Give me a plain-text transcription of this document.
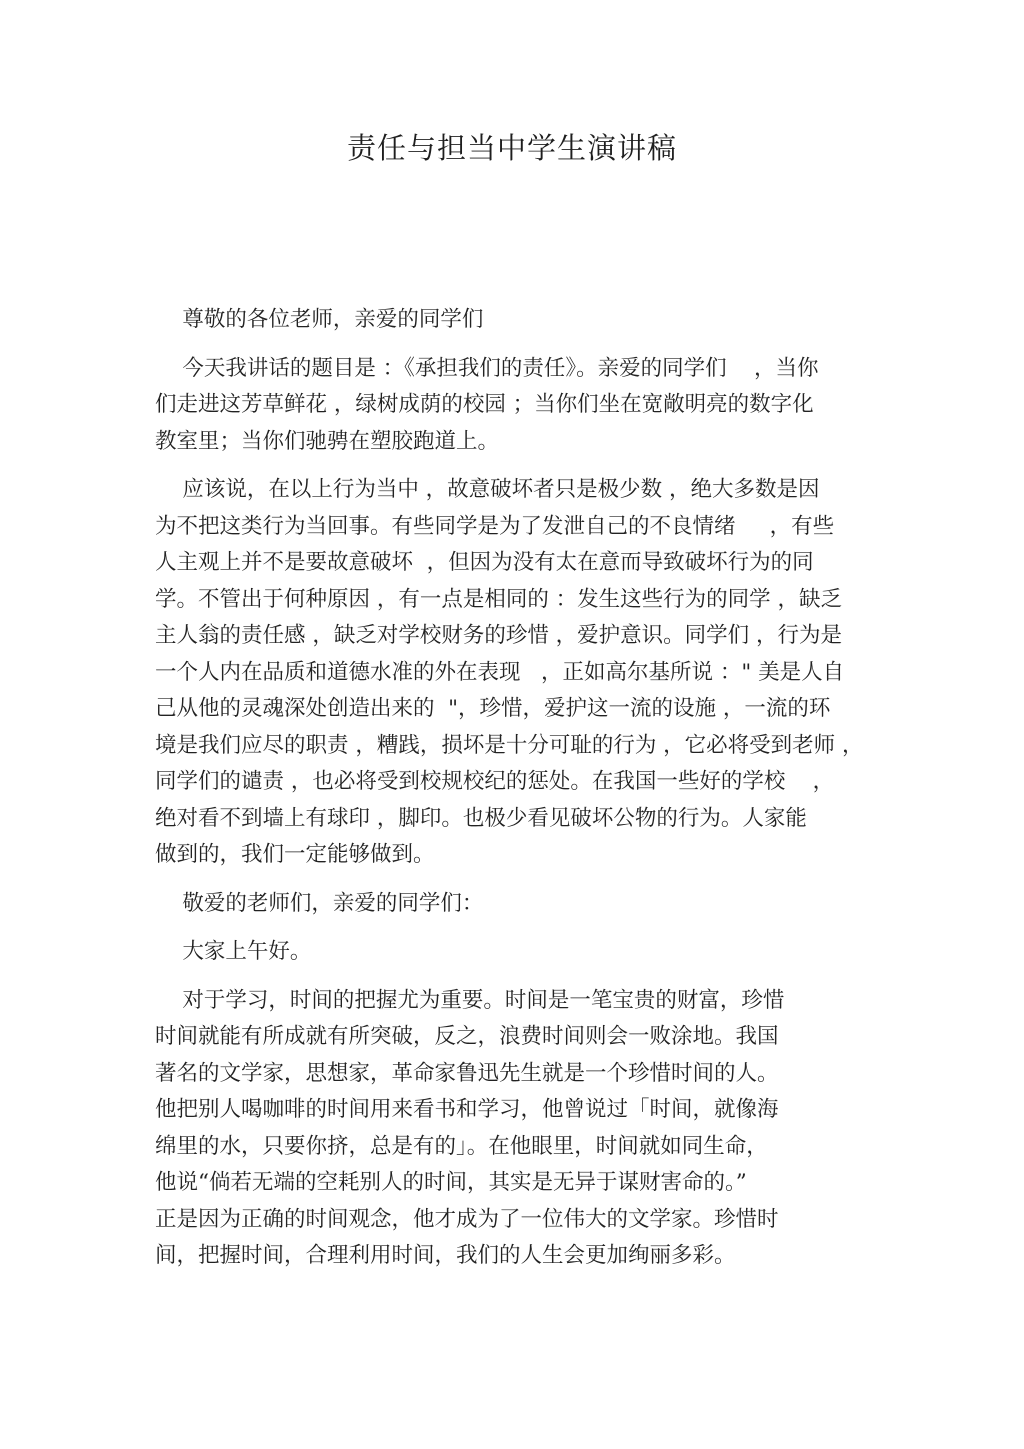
责任与担当中学生演讲稿
尊敬的各位老师，亲爱的同学们
今天我讲话的题目是 ：《承担我们的责任》。亲爱的同学们    ，当你
们走进这芳草鲜花 ，绿树成荫的校园 ；当你们坐在宽敞明亮的数字化
教室里；当你们驰骋在塑胶跑道上。
应该说，在以上行为当中 ，故意破坏者只是极少数 ，绝大多数是因
为不把这类行为当回事。有些同学是为了发泄自己的不良情绪     ，有些
人主观上并不是要故意破坏  ，但因为没有太在意而导致破坏行为的同
学。不管出于何种原因 ，有一点是相同的 ：发生这些行为的同学 ，缺乏
主人翁的责任感 ，缺乏对学校财务的珍惜 ，爱护意识。同学们 ，行为是
一个人内在品质和道德水准的外在表现   ，正如高尔基所说 ：" 美是人自
己从他的灵魂深处创造出来的  "，珍惜，爱护这一流的设施 ，一流的环
境是我们应尽的职责 ，糟践，损坏是十分可耻的行为 ，它必将受到老师 ，
同学们的谴责 ，也必将受到校规校纪的惩处。在我国一些好的学校    ，
绝对看不到墙上有球印 ，脚印。也极少看见破坏公物的行为。人家能
做到的，我们一定能够做到。
敬爱的老师们，亲爱的同学们：
大家上午好。
对于学习，时间的把握尤为重要。时间是一笔宝贵的财富，珍惜
时间就能有所成就有所突破，反之，浪费时间则会一败涂地。我国
著名的文学家，思想家，革命家鲁迅先生就是一个珍惜时间的人。
他把别人喝咖啡的时间用来看书和学习，他曾说过「时间，就像海
绵里的水，只要你挤，总是有的」。在他眼里，时间就如同生命，
他说“倘若无端的空耗别人的时间，其实是无异于谋财害命的。”
正是因为正确的时间观念，他才成为了一位伟大的文学家。珍惜时
间，把握时间，合理利用时间，我们的人生会更加绚丽多彩。
